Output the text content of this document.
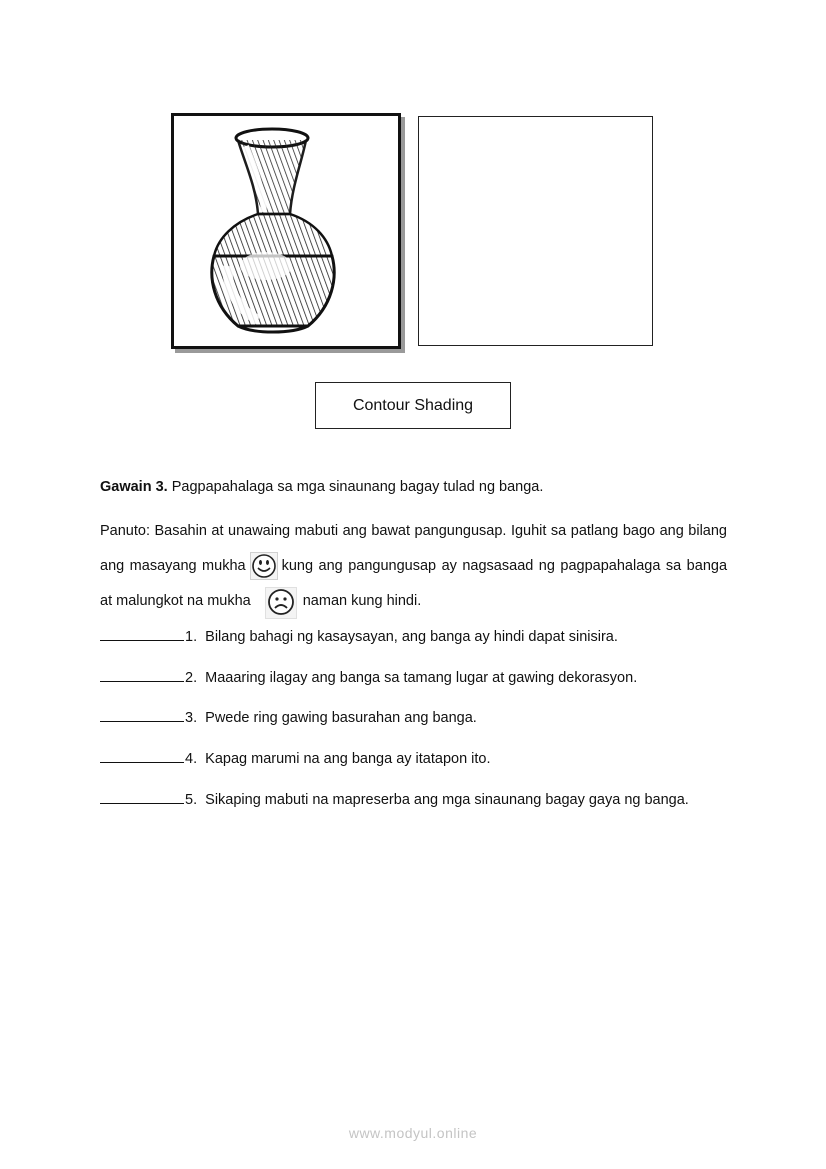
Contour Shading
Gawain 3. Pagpapahalaga sa mga sinaunang bagay tulad ng banga.
Panuto: Basahin at unawaing mabuti ang bawat pangungusap. Iguhit sa patlang bago ang bilang ang masayang mukha kung ang pangungusap ay nagsasaad ng pagpapahalaga sa banga at malungkot na mukha	naman kung hindi.
1. Bilang bahagi ng kasaysayan, ang banga ay hindi dapat sinisira.
2. Maaaring ilagay ang banga sa tamang lugar at gawing dekorasyon.
3. Pwede ring gawing basurahan ang banga.
4. Kapag marumi na ang banga ay itatapon ito.
5. Sikaping mabuti na mapreserba ang mga sinaunang bagay gaya ng banga.
www.modyul.online
